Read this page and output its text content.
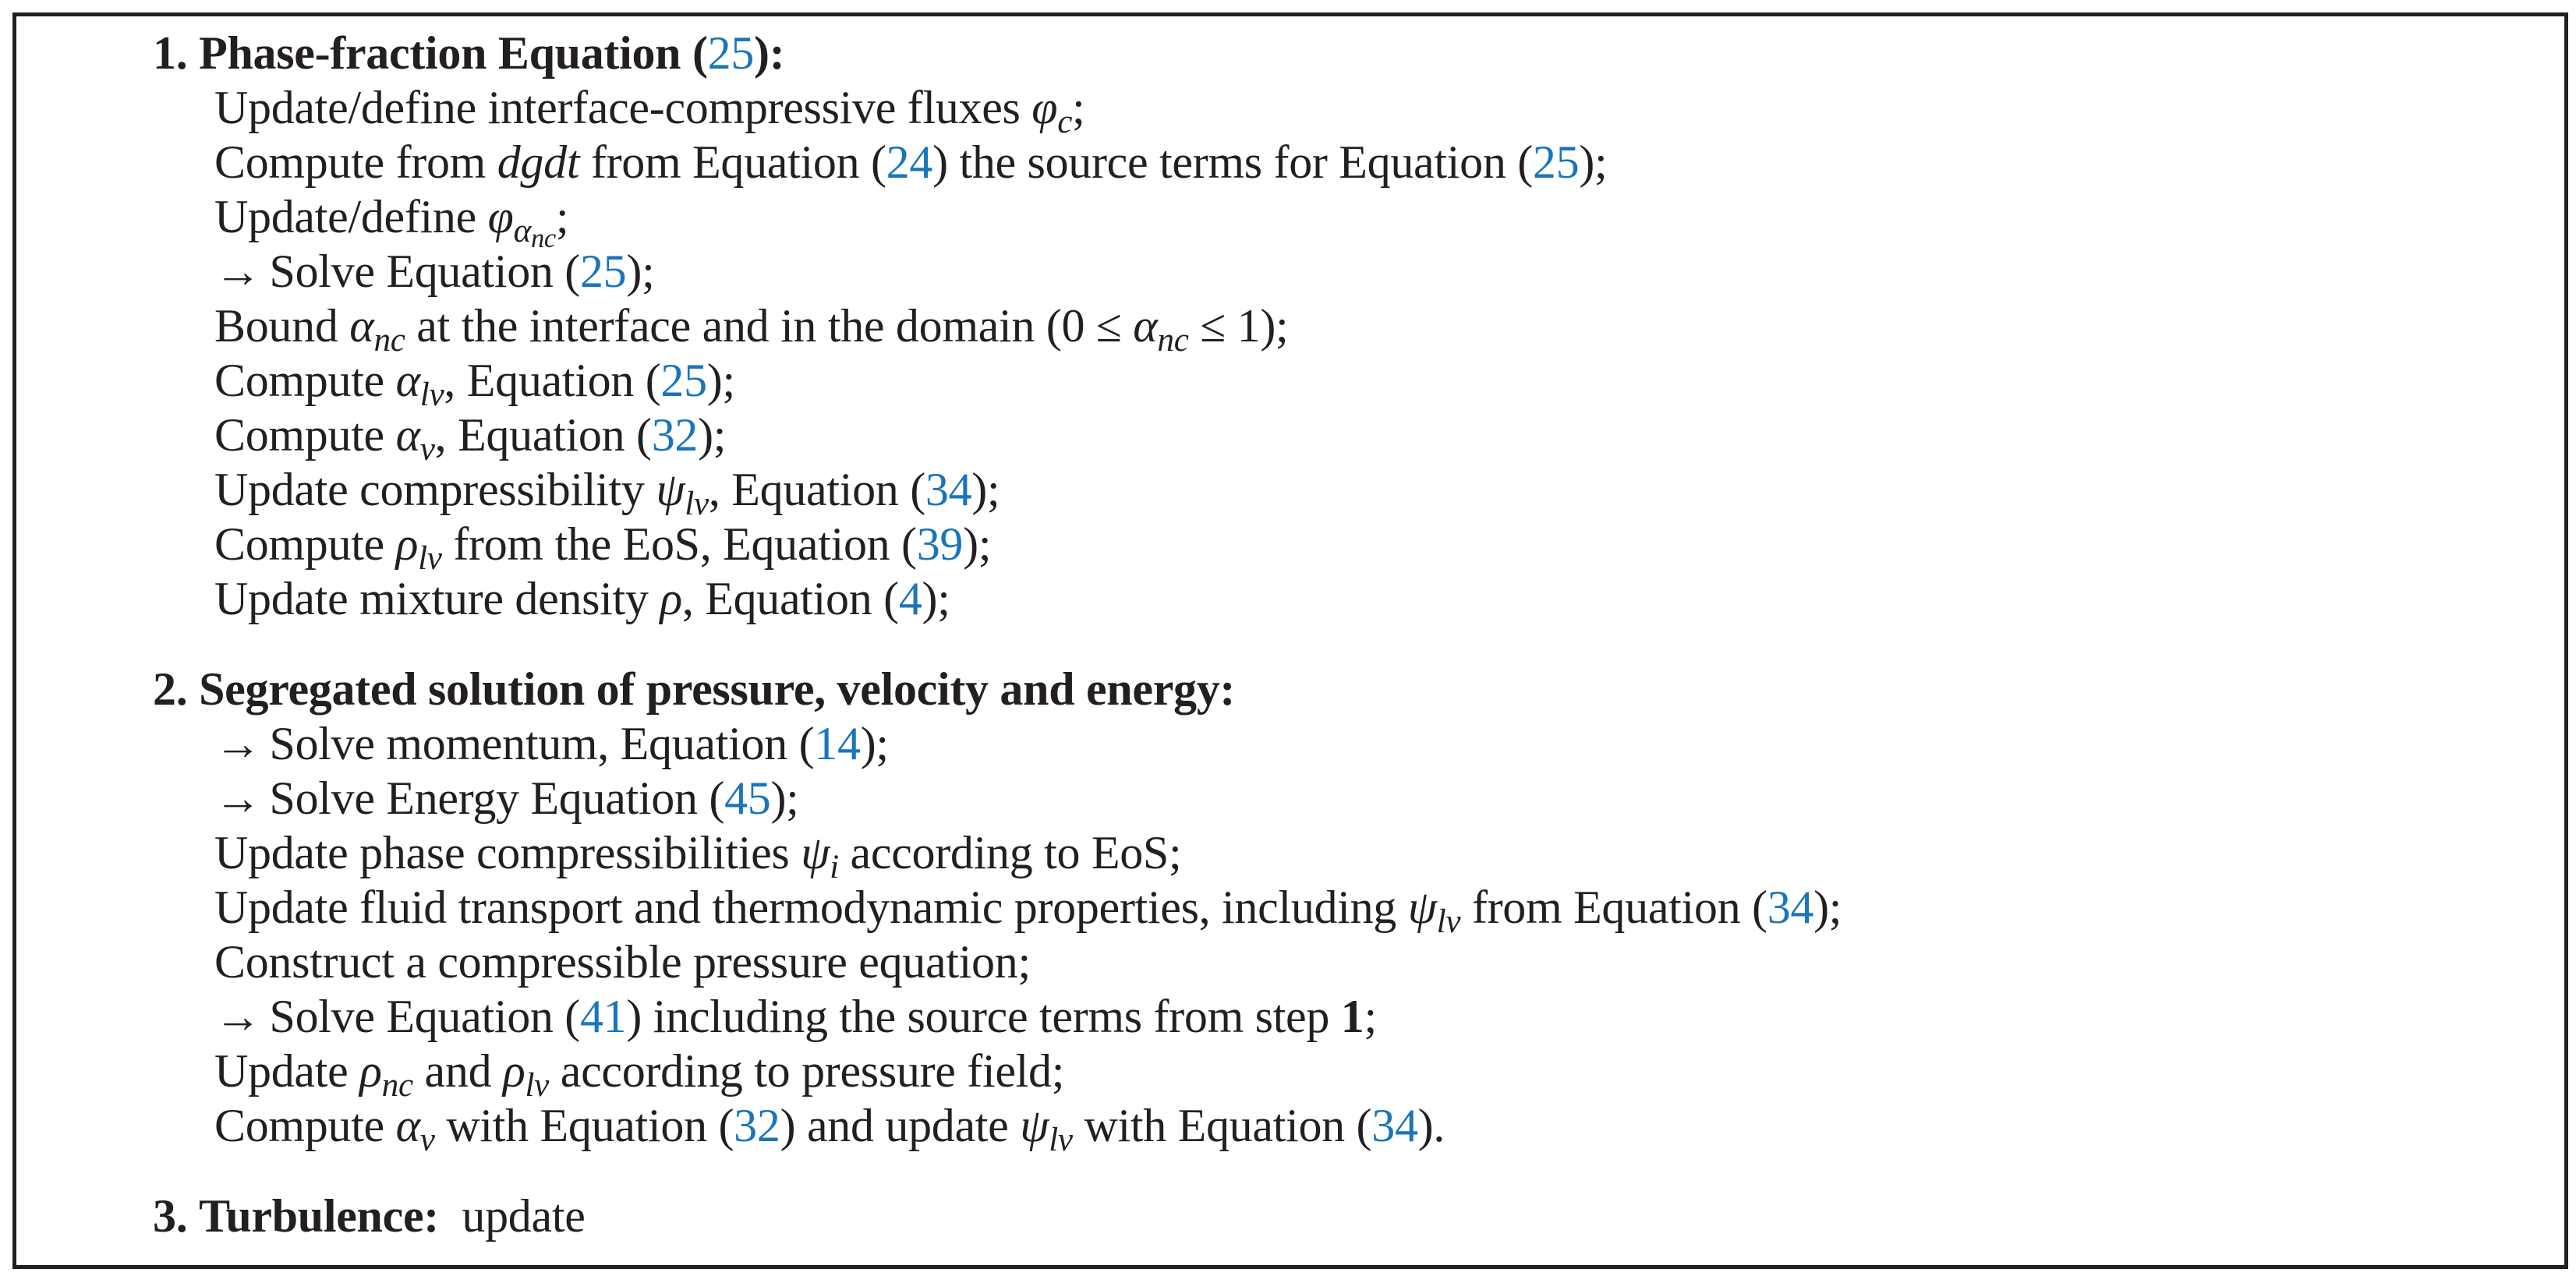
1. Phase-fraction Equation (25):
Update/define interface-compressive fluxes $\varphi_c$;
Compute from dgdt from Equation (24) the source terms for Equation (25);
Update/define $\varphi_{\alpha_{nc}}$;
→ Solve Equation (25);
Bound $\alpha_{nc}$ at the interface and in the domain $(0 \le \alpha_{nc} \le 1)$;
Compute $\alpha_{lv}$, Equation (25);
Compute $\alpha_v$, Equation (32);
Update compressibility $\psi_{lv}$, Equation (34);
Compute $\rho_{lv}$ from the EoS, Equation (39);
Update mixture density ρ, Equation (4);
2. Segregated solution of pressure, velocity and energy:
→ Solve momentum, Equation (14);
→ Solve Energy Equation (45);
Update phase compressibilities $\psi_i$ according to EoS;
Update fluid transport and thermodynamic properties, including $\psi_{lv}$ from Equation (34);
Construct a compressible pressure equation;
→ Solve Equation (41) including the source terms from step 1;
Update $\rho_{nc}$ and $\rho_{lv}$ according to pressure field;
Compute $\alpha_v$ with Equation (32) and update $\psi_{lv}$ with Equation (34).
3. Turbulence: update
